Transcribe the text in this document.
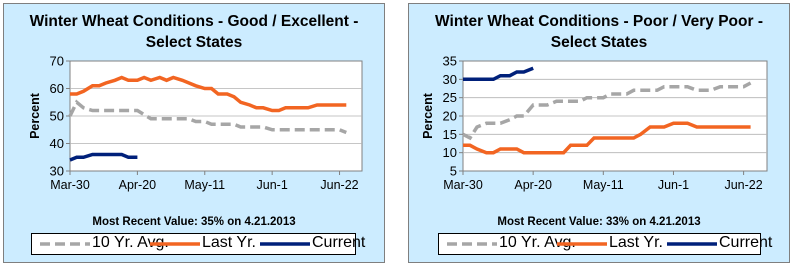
Winter Wheat Conditions - Good / Excellent -
Select States
30
40
50
60
70
Mar-30 Apr-20 May-11	Jun-1	Jun-22
Percent
Most Recent Value: 35% on 4.21.2013
10 Yr. Avg. Last Yr.	Current
Winter Wheat Conditions - Poor / Very Poor -
Select States
5
10
15
20
25
30
35
Mar-30	Apr-20 May-11	Jun-1	Jun-22
Percent
Most Recent Value: 33% on 4.21.2013
10 Yr. Avg. Last Yr.	Current
